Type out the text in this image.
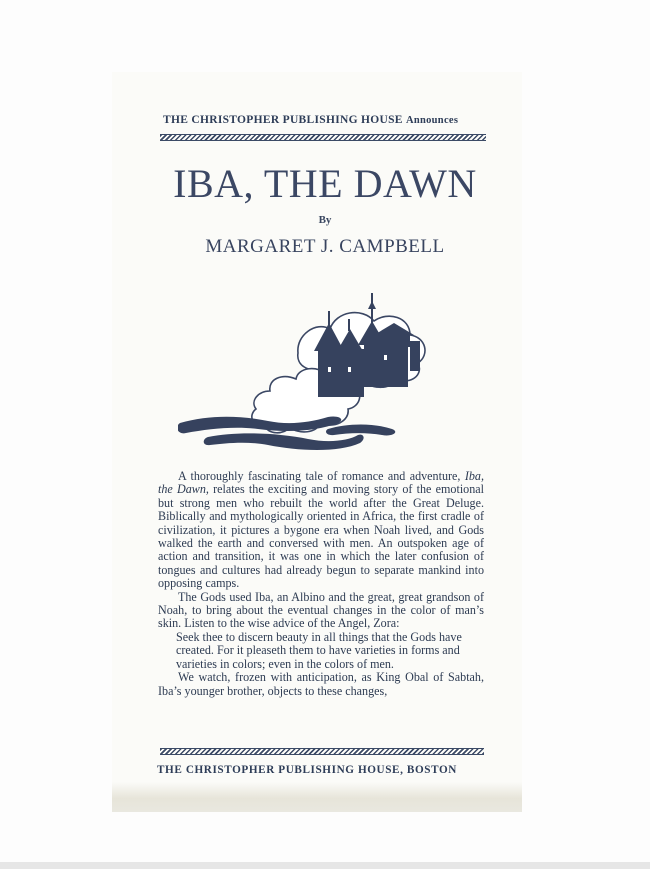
THE CHRISTOPHER PUBLISHING HOUSE Announces
IBA, THE DAWN
By
MARGARET J. CAMPBELL

A thoroughly fascinating tale of romance and adventure, Iba, the Dawn, relates the exciting and moving story of the emotional but strong men who rebuilt the world after the Great Deluge. Biblically and mythologically oriented in Africa, the first cradle of civilization, it pictures a bygone era when Noah lived, and Gods walked the earth and conversed with men. An outspoken age of action and transition, it was one in which the later confusion of tongues and cultures had already begun to separate mankind into opposing camps.

The Gods used Iba, an Albino and the great, great grandson of Noah, to bring about the eventual changes in the color of man’s skin. Listen to the wise advice of the Angel, Zora:

Seek thee to discern beauty in all things that the Gods have created. For it pleaseth them to have varieties in forms and varieties in colors; even in the colors of men.

We watch, frozen with anticipation, as King Obal of Sabtah, Iba’s younger brother, objects to these changes,

THE CHRISTOPHER PUBLISHING HOUSE, BOSTON
